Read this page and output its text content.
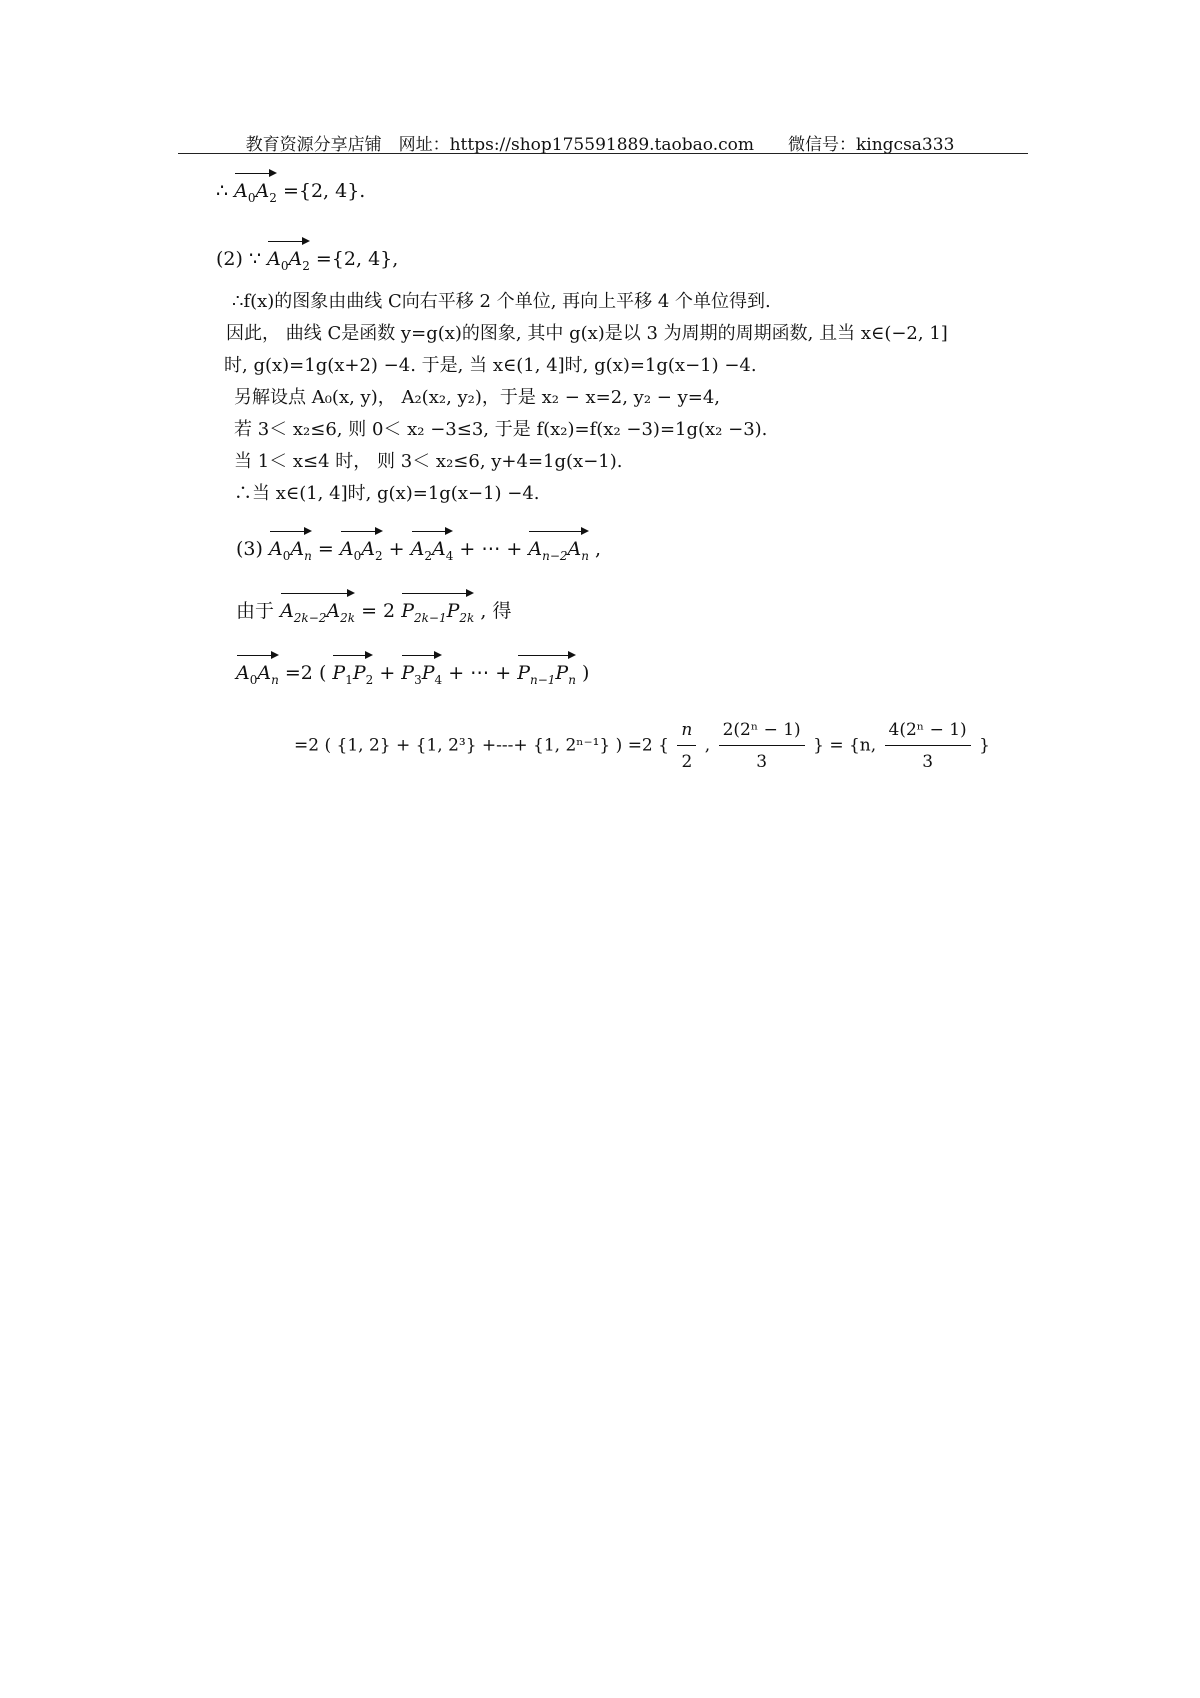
教育资源分享店铺　网址：https://shop175591889.taobao.com　　微信号：kingcsa333
∴ $A_0A_2 =\{2$, 4}.
(2) ∵ $A_0A_2 =\{2$, 4},
∴f(x)的图象由曲线 C向右平移 2 个单位, 再向上平移 4 个单位得到.
因此， 曲线 C是函数 y=g(x)的图象, 其中 g(x)是以 3 为周期的周期函数, 且当 x∈(−2, 1]
时, g(x)=1g(x+2) −4. 于是, 当 x∈(1, 4]时, g(x)=1g(x−1) −4.
另解设点 A₀(x, y)， A₂(x₂, y₂)，于是 x₂ − x=2, y₂ − y=4,
若 3＜ x₂≤6, 则 0＜ x₂ −3≤3, 于是 f(x₂)=f(x₂ −3)=1g(x₂ −3).
当 1＜ x≤4 时， 则 3＜ x₂≤6, y+4=1g(x−1).
∴当 x∈(1, 4]时, g(x)=1g(x−1) −4.
(3) $A_0A_n = A_0A_2 + A_2A_4$ + ⋯ + $A_{n-2}A_n$ ,
由于 $A_{2k-2}A_{2k} = 2$ $P_{2k-1}P_{2k}$ , 得
$A_0A_n =2$ ( $P_1P_2 + P_3P_4$ + ⋯ + $P_{n-1}P_n$ )
=2 ( {1, 2} + {1, 2³} +---+ {1, 2ⁿ⁻¹} ) =2 { $\frac{n}{2}$ , $\frac{\text{2(2ⁿ − 1)}}{3}$ } = {n, $\frac{\text{4(2ⁿ − 1)}}{3}$ }
